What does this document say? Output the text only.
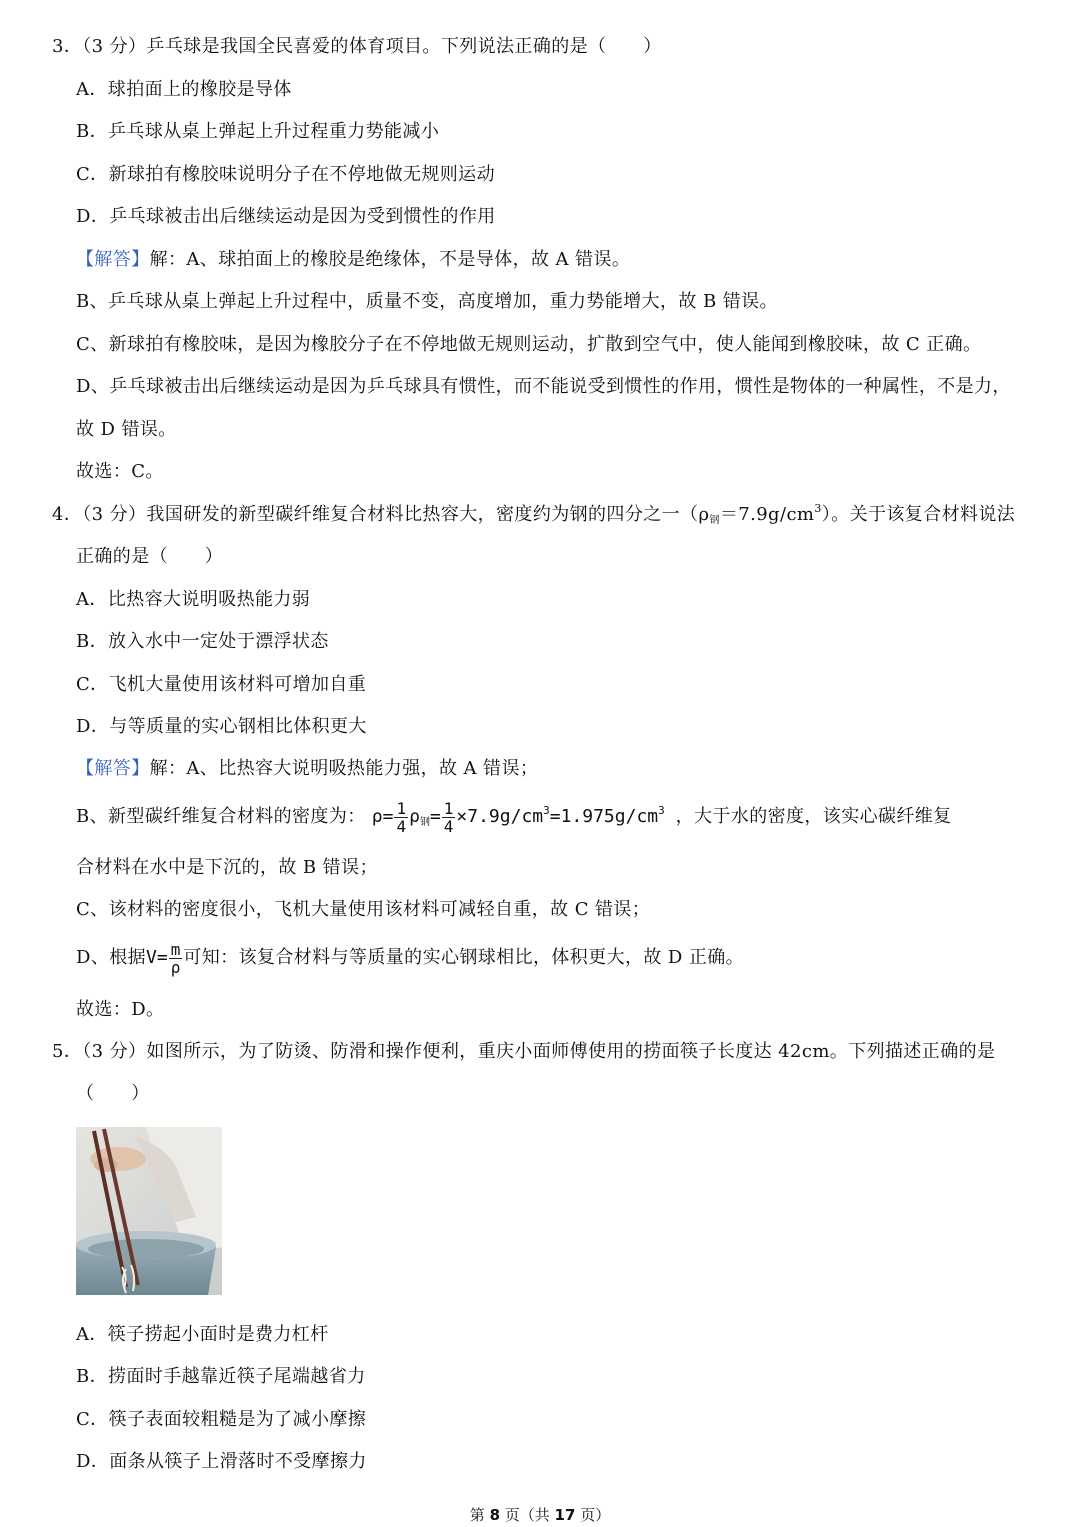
3．（3 分）乒乓球是我国全民喜爱的体育项目。下列说法正确的是（　　）
A．球拍面上的橡胶是导体
B．乒乓球从桌上弹起上升过程重力势能减小
C．新球拍有橡胶味说明分子在不停地做无规则运动
D．乒乓球被击出后继续运动是因为受到惯性的作用
【解答】解：A、球拍面上的橡胶是绝缘体，不是导体，故 A 错误。
B、乒乓球从桌上弹起上升过程中，质量不变，高度增加，重力势能增大，故 B 错误。
C、新球拍有橡胶味，是因为橡胶分子在不停地做无规则运动，扩散到空气中，使人能闻到橡胶味，故 C 正确。
D、乒乓球被击出后继续运动是因为乒乓球具有惯性，而不能说受到惯性的作用，惯性是物体的一种属性，不是力，
故 D 错误。
故选：C。
4．（3 分）我国研发的新型碳纤维复合材料比热容大，密度约为钢的四分之一$(\rho_钢=7.9g/cm^3)$。关于该复合材料说法
正确的是（　　）
A．比热容大说明吸热能力弱
B．放入水中一定处于漂浮状态
C．飞机大量使用该材料可增加自重
D．与等质量的实心钢相比体积更大
【解答】解：A、比热容大说明吸热能力强，故 A 错误；
B、新型碳纤维复合材料的密度为： $\rho= \frac{1}{4} \rho_钢= \frac{1}{4} \times 7.9g/cm^3=1.975g/cm^3$ ，大于水的密度，该实心碳纤维复
合材料在水中是下沉的，故 B 错误；
C、该材料的密度很小，飞机大量使用该材料可减轻自重，故 C 错误；
D、根据$V= \frac{m}{\rho}$ 可知：该复合材料与等质量的实心钢球相比，体积更大，故 D 正确。
故选：D。
5．（3 分）如图所示，为了防烫、防滑和操作便利，重庆小面师傅使用的捞面筷子长度达 42cm。下列描述正确的是
（　　）
A．筷子捞起小面时是费力杠杆
B．捞面时手越靠近筷子尾端越省力
C．筷子表面较粗糙是为了减小摩擦
D．面条从筷子上滑落时不受摩擦力
第 8 页（共 17 页）
